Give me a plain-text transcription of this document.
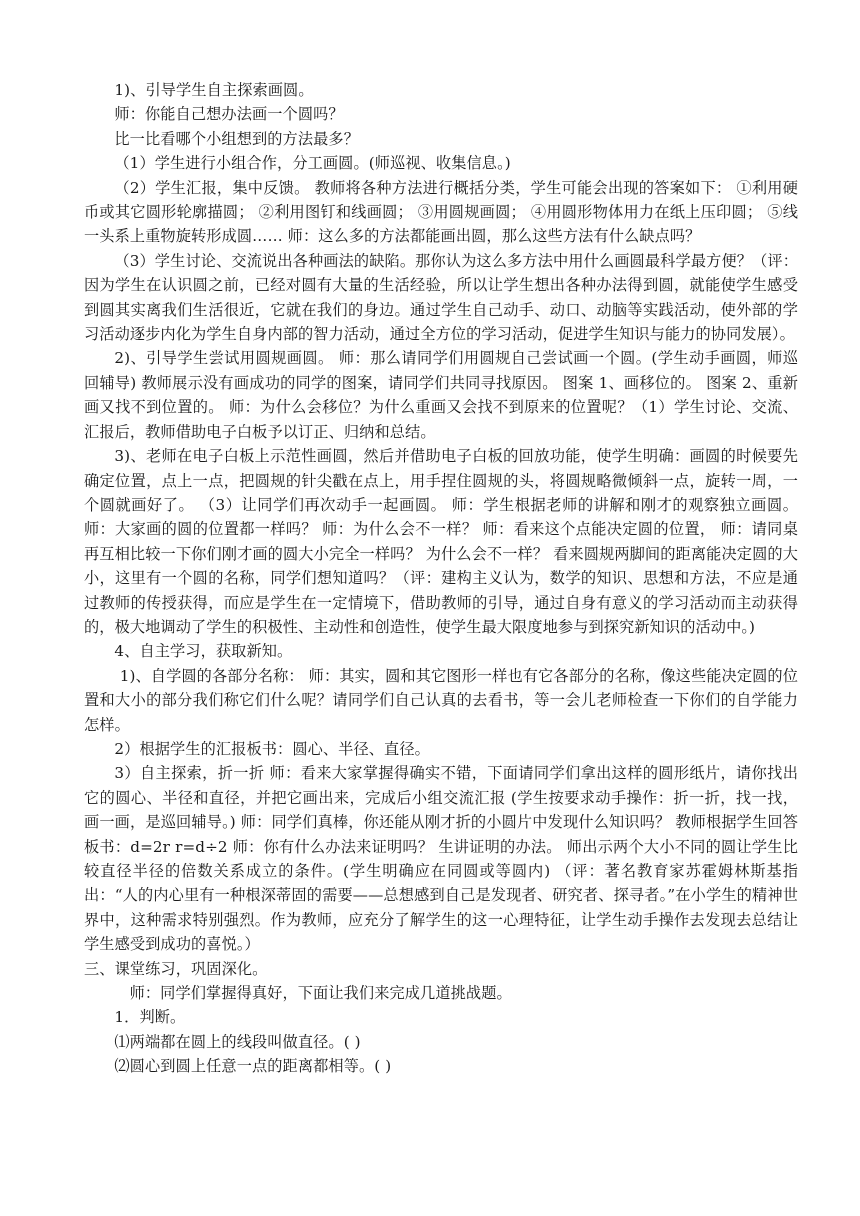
1)、引导学生自主探索画圆。

师：你能自己想办法画一个圆吗？

比一比看哪个小组想到的方法最多？

（1）学生进行小组合作，分工画圆。(师巡视、收集信息。)

（2）学生汇报，集中反馈。 教师将各种方法进行概括分类，学生可能会出现的答案如下： ①利用硬币或其它圆形轮廓描圆； ②利用图钉和线画圆； ③用圆规画圆； ④用圆形物体用力在纸上压印圆； ⑤线一头系上重物旋转形成圆…… 师：这么多的方法都能画出圆，那么这些方法有什么缺点吗？

（3）学生讨论、交流说出各种画法的缺陷。那你认为这么多方法中用什么画圆最科学最方便？（评：因为学生在认识圆之前，已经对圆有大量的生活经验，所以让学生想出各种办法得到圆，就能使学生感受到圆其实离我们生活很近，它就在我们的身边。通过学生自己动手、动口、动脑等实践活动，使外部的学习活动逐步内化为学生自身内部的智力活动，通过全方位的学习活动，促进学生知识与能力的协同发展）。

2)、引导学生尝试用圆规画圆。 师：那么请同学们用圆规自己尝试画一个圆。(学生动手画圆，师巡回辅导) 教师展示没有画成功的同学的图案，请同学们共同寻找原因。 图案 1、画移位的。 图案 2、重新画又找不到位置的。 师：为什么会移位？为什么重画又会找不到原来的位置呢？（1）学生讨论、交流、汇报后，教师借助电子白板予以订正、归纳和总结。

3)、老师在电子白板上示范性画圆，然后并借助电子白板的回放功能，使学生明确：画圆的时候要先确定位置，点上一点，把圆规的针尖戳在点上，用手捏住圆规的头，将圆规略微倾斜一点，旋转一周，一个圆就画好了。 （3）让同学们再次动手一起画圆。 师：学生根据老师的讲解和刚才的观察独立画圆。 师：大家画的圆的位置都一样吗？ 师：为什么会不一样？ 师：看来这个点能决定圆的位置， 师：请同桌再互相比较一下你们刚才画的圆大小完全一样吗？ 为什么会不一样？ 看来圆规两脚间的距离能决定圆的大小，这里有一个圆的名称，同学们想知道吗？（评：建构主义认为，数学的知识、思想和方法，不应是通过教师的传授获得，而应是学生在一定情境下，借助教师的引导，通过自身有意义的学习活动而主动获得的，极大地调动了学生的积极性、主动性和创造性，使学生最大限度地参与到探究新知识的活动中。)

4、自主学习，获取新知。

1)、自学圆的各部分名称： 师：其实，圆和其它图形一样也有它各部分的名称，像这些能决定圆的位置和大小的部分我们称它们什么呢？请同学们自己认真的去看书，等一会儿老师检查一下你们的自学能力怎样。

2）根据学生的汇报板书：圆心、半径、直径。

3）自主探索，折一折 师：看来大家掌握得确实不错，下面请同学们拿出这样的圆形纸片，请你找出它的圆心、半径和直径，并把它画出来，完成后小组交流汇报 (学生按要求动手操作：折一折，找一找，画一画，是巡回辅导。) 师：同学们真棒，你还能从刚才折的小圆片中发现什么知识吗？ 教师根据学生回答板书：d=2r r=d÷2 师：你有什么办法来证明吗？ 生讲证明的办法。 师出示两个大小不同的圆让学生比较直径半径的倍数关系成立的条件。(学生明确应在同圆或等圆内) （评：著名教育家苏霍姆林斯基指出：“人的内心里有一种根深蒂固的需要——总想感到自己是发现者、研究者、探寻者。”在小学生的精神世界中，这种需求特别强烈。作为教师，应充分了解学生的这一心理特征，让学生动手操作去发现去总结让学生感受到成功的喜悦。）

三、课堂练习，巩固深化。

师：同学们掌握得真好，下面让我们来完成几道挑战题。

1．判断。

⑴两端都在圆上的线段叫做直径。( )

⑵圆心到圆上任意一点的距离都相等。( )
